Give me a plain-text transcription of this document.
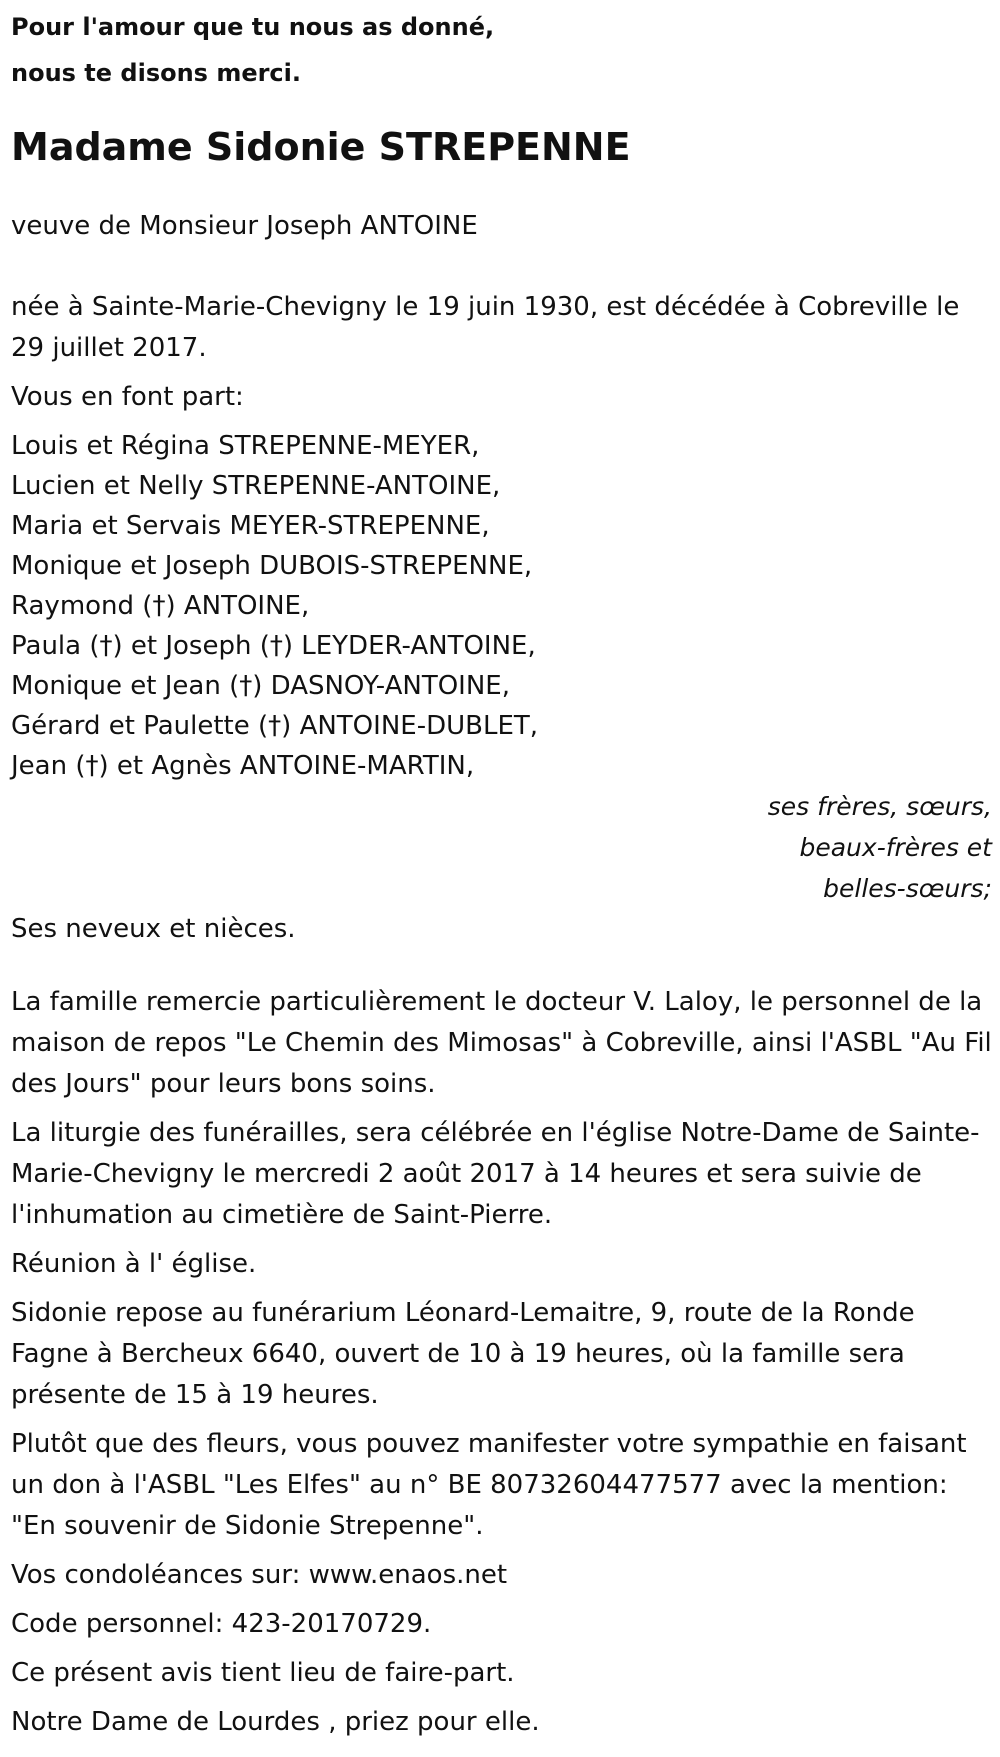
Pour l'amour que tu nous as donné,
nous te disons merci.
Madame Sidonie STREPENNE
veuve de Monsieur Joseph ANTOINE
née à Sainte-Marie-Chevigny le 19 juin 1930, est décédée à Cobreville le 29 juillet 2017.
Vous en font part:
Louis et Régina STREPENNE-MEYER,
Lucien et Nelly STREPENNE-ANTOINE,
Maria et Servais MEYER-STREPENNE,
Monique et Joseph DUBOIS-STREPENNE,
Raymond (†) ANTOINE,
Paula (†) et Joseph (†) LEYDER-ANTOINE,
Monique et Jean (†) DASNOY-ANTOINE,
Gérard et Paulette (†) ANTOINE-DUBLET,
Jean (†) et Agnès ANTOINE-MARTIN,
ses frères, sœurs,
beaux-frères et
belles-sœurs;
Ses neveux et nièces.
La famille remercie particulièrement le docteur V. Laloy, le personnel de la maison de repos "Le Chemin des Mimosas" à Cobreville, ainsi l'ASBL "Au Fil des Jours" pour leurs bons soins.
La liturgie des funérailles, sera célébrée en l'église Notre-Dame de Sainte-Marie-Chevigny le mercredi 2 août 2017 à 14 heures et sera suivie de l'inhumation au cimetière de Saint-Pierre.
Réunion à l' église.
Sidonie repose au funérarium Léonard-Lemaitre, 9, route de la Ronde Fagne à Bercheux 6640, ouvert de 10 à 19 heures, où la famille sera présente de 15 à 19 heures.
Plutôt que des fleurs, vous pouvez manifester votre sympathie en faisant un don à l'ASBL "Les Elfes" au n° BE 80732604477577 avec la mention: "En souvenir de Sidonie Strepenne".
Vos condoléances sur: www.enaos.net
Code personnel: 423-20170729.
Ce présent avis tient lieu de faire-part.
Notre Dame de Lourdes , priez pour elle.
